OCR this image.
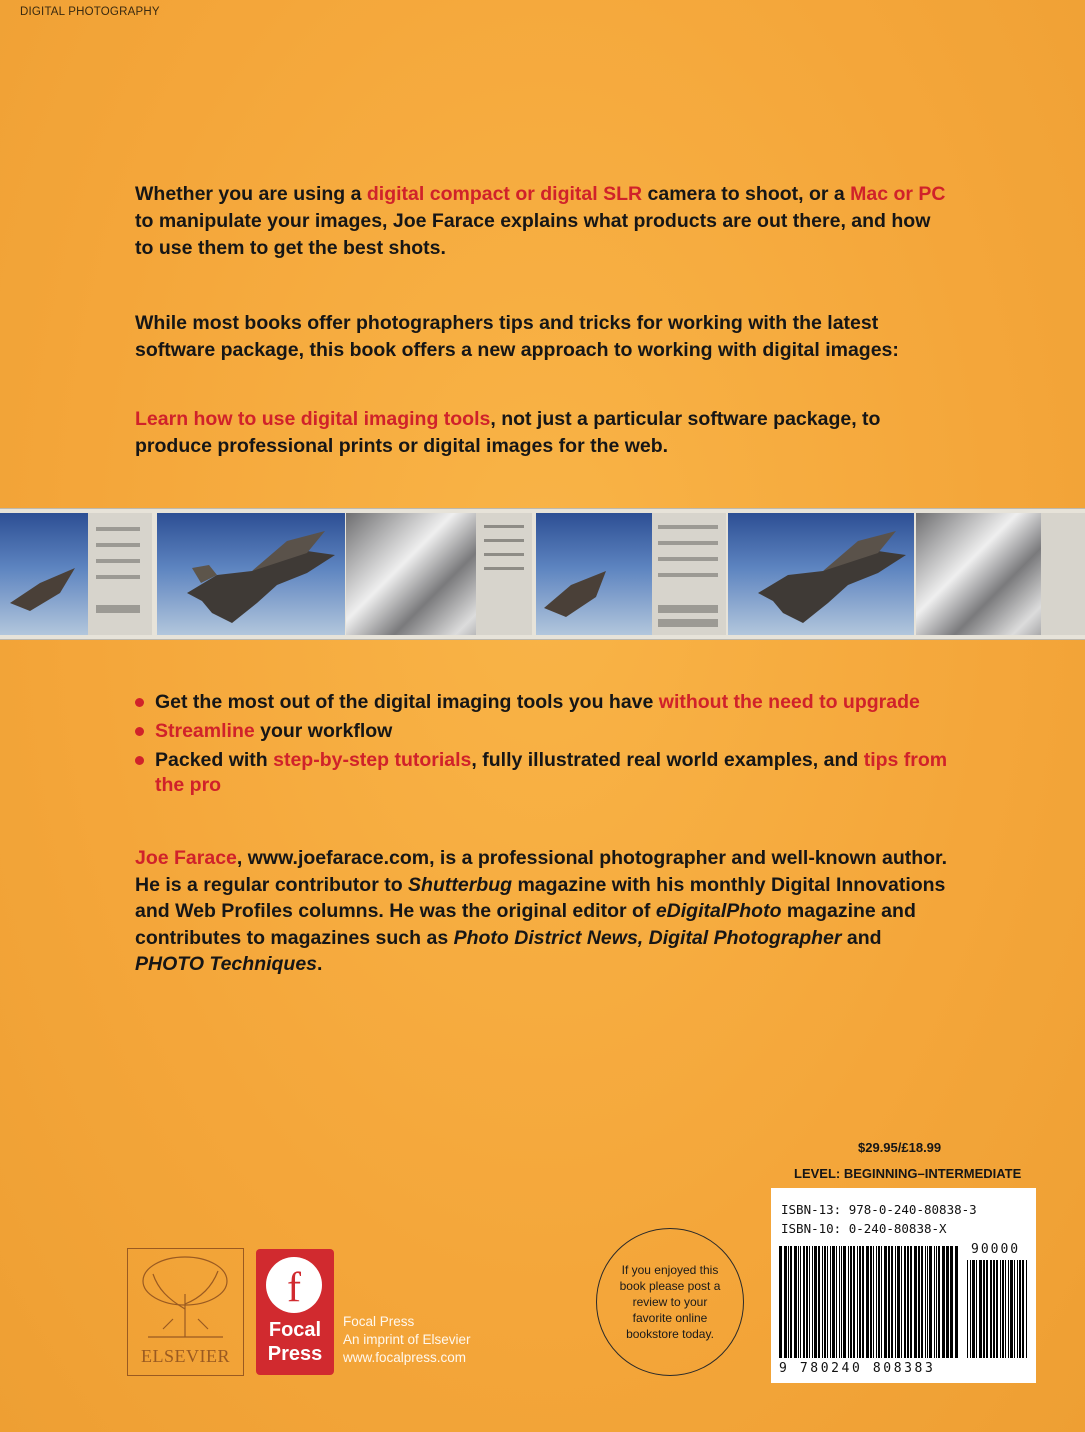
DIGITAL PHOTOGRAPHY

Whether you are using a digital compact or digital SLR camera to shoot, or a Mac or PC to manipulate your images, Joe Farace explains what products are out there, and how to use them to get the best shots.

While most books offer photographers tips and tricks for working with the latest software package, this book offers a new approach to working with digital images:

Learn how to use digital imaging tools, not just a particular software package, to produce professional prints or digital images for the web.

Get the most out of the digital imaging tools you have without the need to upgrade
Streamline your workflow
Packed with step-by-step tutorials, fully illustrated real world examples, and tips from the pro

Joe Farace, www.joefarace.com, is a professional photographer and well-known author. He is a regular contributor to Shutterbug magazine with his monthly Digital Innovations and Web Profiles columns. He was the original editor of eDigitalPhoto magazine and contributes to magazines such as Photo District News, Digital Photographer and PHOTO Techniques.

$29.95/£18.99
LEVEL: BEGINNING–INTERMEDIATE
ISBN-13: 978-0-240-80838-3
ISBN-10: 0-240-80838-X
90000
9 780240 808383
If you enjoyed this book please post a review to your favorite online bookstore today.
ELSEVIER
f
Focal
Press
Focal Press
An imprint of Elsevier
www.focalpress.com
